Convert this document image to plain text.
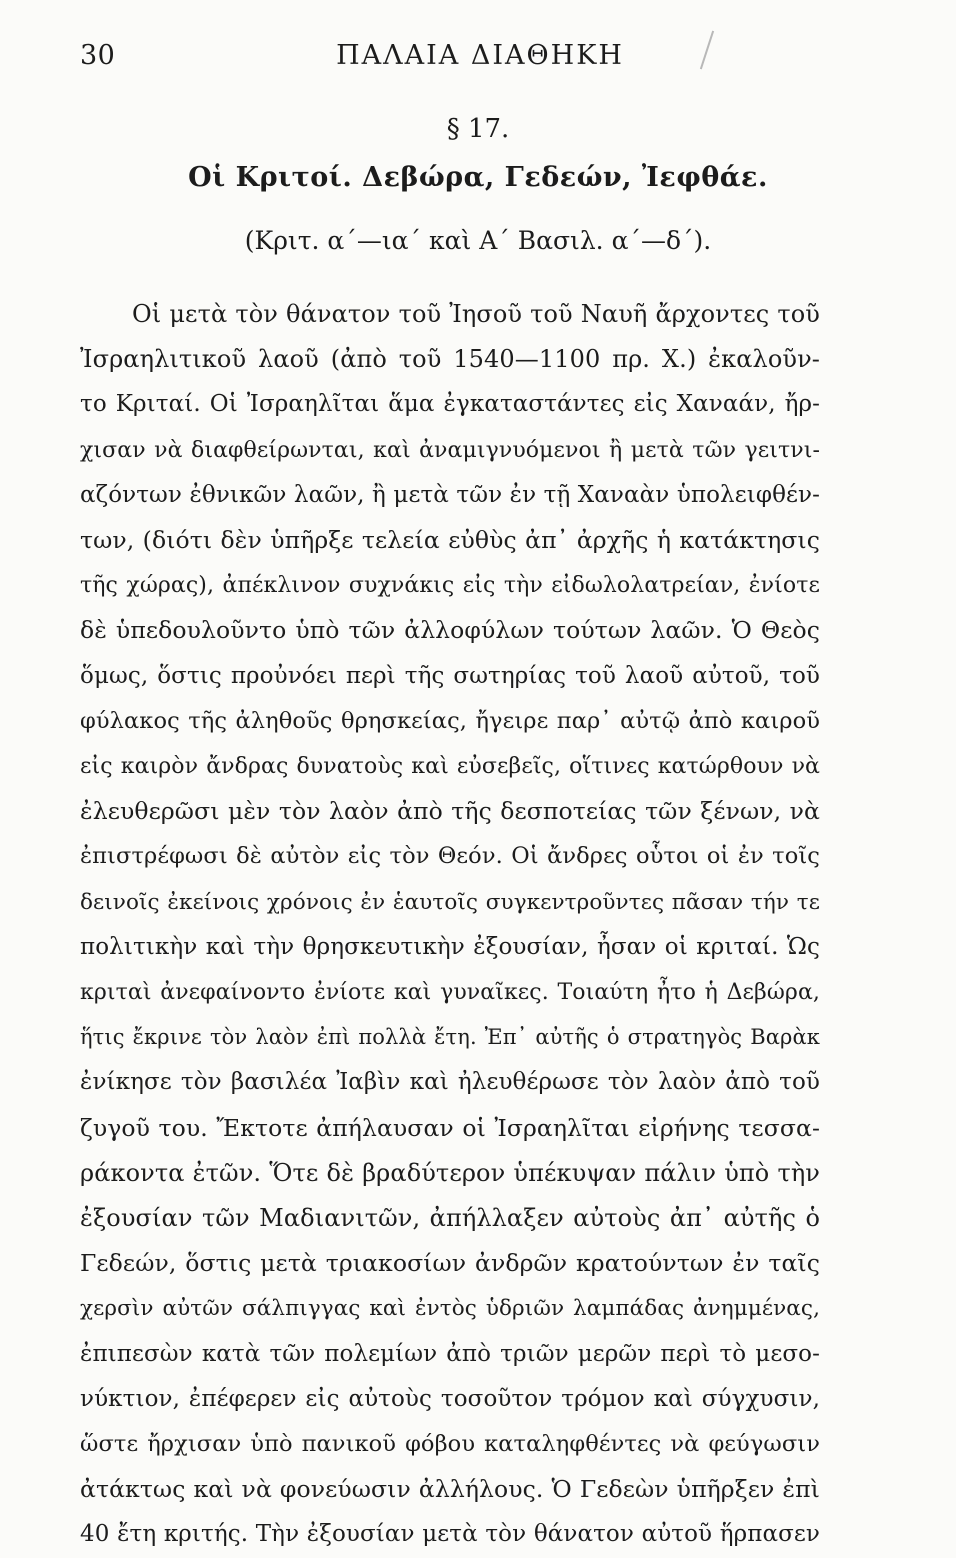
30	ΠΑΛΑΙΑ ΔΙΑΘΗΚΗ
§ 17.
Οἱ Κριτοί. Δεβώρα, Γεδεών, Ἰεφθάε.
(Κριτ. α΄—ια΄ καὶ Α΄ Βασιλ. α΄—δ΄).
Οἱ μετὰ τὸν θάνατον τοῦ Ἰησοῦ τοῦ Ναυῆ ἄρχοντες τοῦ
Ἰσραηλιτικοῦ λαοῦ (ἀπὸ τοῦ 1540—1100 πρ. Χ.) ἐκαλοῦν-
το Κριταί. Οἱ Ἰσραηλῖται ἅμα ἐγκαταστάντες εἰς Χαναάν, ἤρ-
χισαν νὰ διαφθείρωνται, καὶ ἀναμιγνυόμενοι ἢ μετὰ τῶν γειτνι-
αζόντων ἐθνικῶν λαῶν, ἢ μετὰ τῶν ἐν τῇ Χαναὰν ὑπολειφθέν-
των, (διότι δὲν ὑπῆρξε τελεία εὐθὺς ἀπ᾽ ἀρχῆς ἡ κατάκτησις
τῆς χώρας), ἀπέκλινον συχνάκις εἰς τὴν εἰδωλολατρείαν, ἐνίοτε
δὲ ὑπεδουλοῦντο ὑπὸ τῶν ἀλλοφύλων τούτων λαῶν. Ὁ Θεὸς
ὅμως, ὅστις προὐνόει περὶ τῆς σωτηρίας τοῦ λαοῦ αὐτοῦ, τοῦ
φύλακος τῆς ἀληθοῦς θρησκείας, ἤγειρε παρ᾽ αὐτῷ ἀπὸ καιροῦ
εἰς καιρὸν ἄνδρας δυνατοὺς καὶ εὐσεβεῖς, οἵτινες κατώρθουν νὰ
ἐλευθερῶσι μὲν τὸν λαὸν ἀπὸ τῆς δεσποτείας τῶν ξένων, νὰ
ἐπιστρέφωσι δὲ αὐτὸν εἰς τὸν Θεόν. Οἱ ἄνδρες οὗτοι οἱ ἐν τοῖς
δεινοῖς ἐκείνοις χρόνοις ἐν ἑαυτοῖς συγκεντροῦντες πᾶσαν τήν τε
πολιτικὴν καὶ τὴν θρησκευτικὴν ἐξουσίαν, ἦσαν οἱ κριταί. Ὡς
κριταὶ ἀνεφαίνοντο ἐνίοτε καὶ γυναῖκες. Τοιαύτη ἦτο ἡ Δεβώρα,
ἥτις ἔκρινε τὸν λαὸν ἐπὶ πολλὰ ἔτη. Ἐπ᾽ αὐτῆς ὁ στρατηγὸς Βαρὰκ
ἐνίκησε τὸν βασιλέα Ἰαβὶν καὶ ἠλευθέρωσε τὸν λαὸν ἀπὸ τοῦ
ζυγοῦ του. Ἔκτοτε ἀπήλαυσαν οἱ Ἰσραηλῖται εἰρήνης τεσσα-
ράκοντα ἐτῶν. Ὅτε δὲ βραδύτερον ὑπέκυψαν πάλιν ὑπὸ τὴν
ἐξουσίαν τῶν Μαδιανιτῶν, ἀπήλλαξεν αὐτοὺς ἀπ᾽ αὐτῆς ὁ
Γεδεών, ὅστις μετὰ τριακοσίων ἀνδρῶν κρατούντων ἐν ταῖς
χερσὶν αὐτῶν σάλπιγγας καὶ ἐντὸς ὑδριῶν λαμπάδας ἀνημμένας,
ἐπιπεσὼν κατὰ τῶν πολεμίων ἀπὸ τριῶν μερῶν περὶ τὸ μεσο-
νύκτιον, ἐπέφερεν εἰς αὐτοὺς τοσοῦτον τρόμον καὶ σύγχυσιν,
ὥστε ἤρχισαν ὑπὸ πανικοῦ φόβου καταληφθέντες νὰ φεύγωσιν
ἀτάκτως καὶ νὰ φονεύωσιν ἀλλήλους. Ὁ Γεδεὼν ὑπῆρξεν ἐπὶ
40 ἔτη κριτής. Τὴν ἐξουσίαν μετὰ τὸν θάνατον αὐτοῦ ἥρπασεν
